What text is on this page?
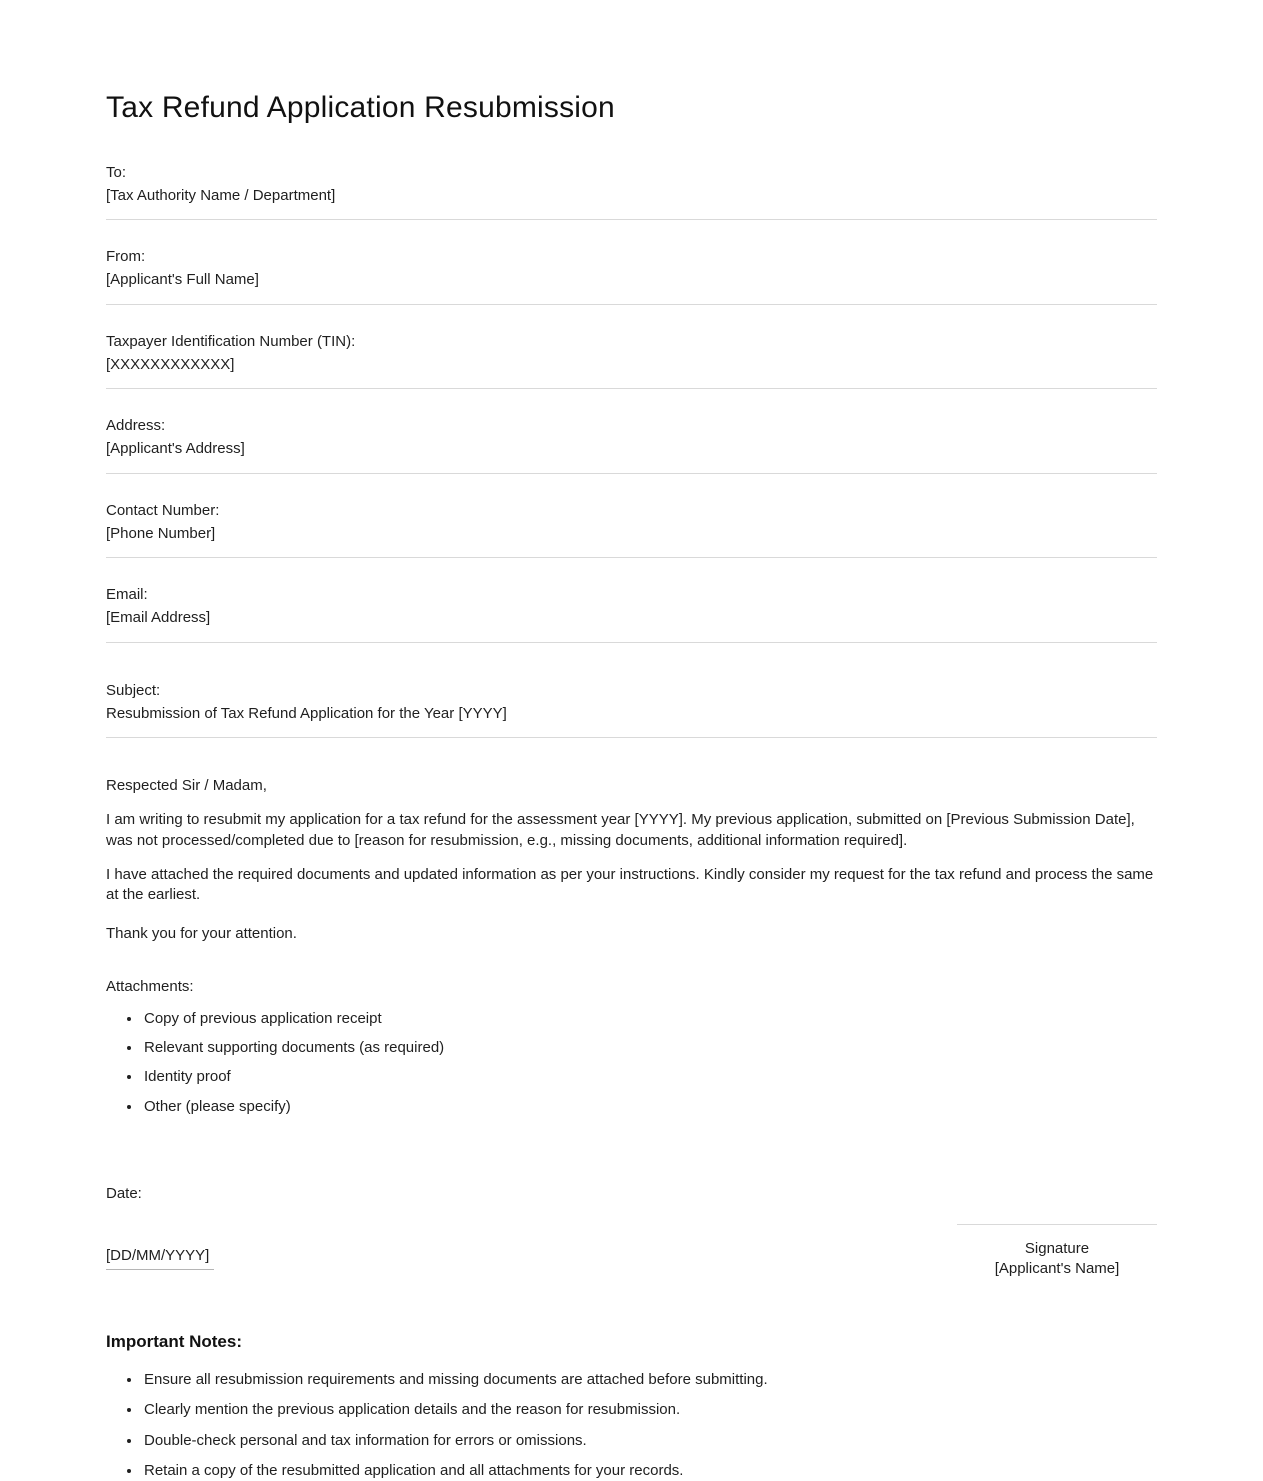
Tax Refund Application Resubmission
To:
[Tax Authority Name / Department]
From:
[Applicant's Full Name]
Taxpayer Identification Number (TIN):
[XXXXXXXXXXXX]
Address:
[Applicant's Address]
Contact Number:
[Phone Number]
Email:
[Email Address]
Subject:
Resubmission of Tax Refund Application for the Year [YYYY]

Respected Sir / Madam,

I am writing to resubmit my application for a tax refund for the assessment year [YYYY]. My previous application, submitted on [Previous Submission Date], was not processed/completed due to [reason for resubmission, e.g., missing documents, additional information required].

I have attached the required documents and updated information as per your instructions. Kindly consider my request for the tax refund and process the same at the earliest.

Thank you for your attention.

Attachments:

• Copy of previous application receipt
• Relevant supporting documents (as required)
• Identity proof
• Other (please specify)
Date:
[DD/MM/YYYY]	Signature
[Applicant's Name]

Important Notes:

• Ensure all resubmission requirements and missing documents are attached before submitting.
• Clearly mention the previous application details and the reason for resubmission.
• Double-check personal and tax information for errors or omissions.
• Retain a copy of the resubmitted application and all attachments for your records.
